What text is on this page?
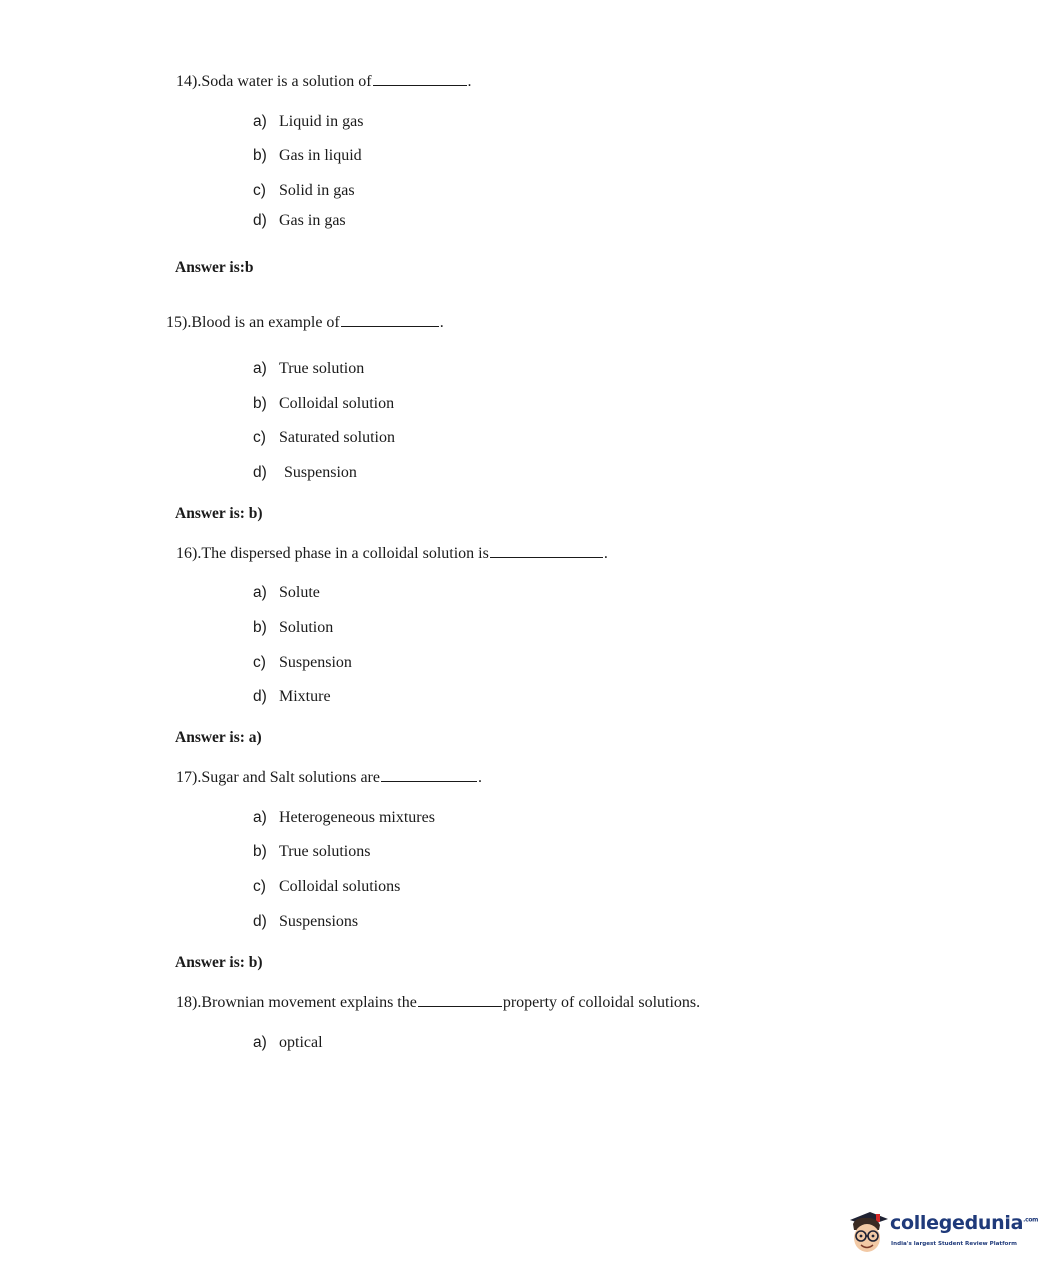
14).Soda water is a solution of	.
a) Liquid in gas
b) Gas in liquid
c) Solid in gas
d) Gas in gas
Answer is:b
15).Blood is an example of	.
a) True solution
b) Colloidal solution
c) Saturated solution
d) Suspension
Answer is: b)
16).The dispersed phase in a colloidal solution is	.
a) Solute
b) Solution
c) Suspension
d) Mixture
Answer is: a)
17).Sugar and Salt solutions are	.
a) Heterogeneous mixtures
b) True solutions
c) Colloidal solutions
d) Suspensions
Answer is: b)
18).Brownian movement explains the	property of colloidal solutions.
a) optical
collegedunia$^{.com}$
India's largest Student Review Platform
